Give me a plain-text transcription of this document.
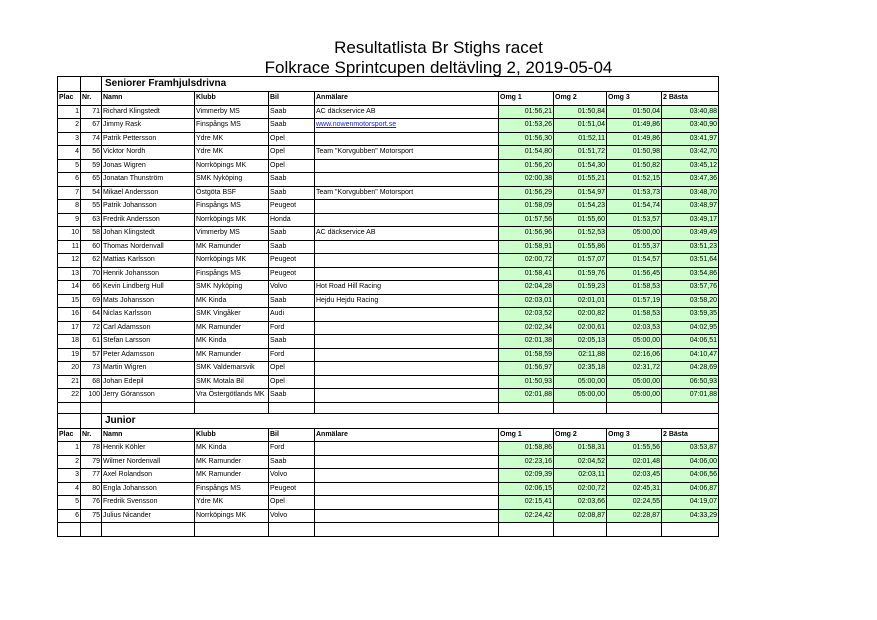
Resultatlista Br Stighs racet
Folkrace Sprintcupen deltävling 2, 2019-05-04
		Seniorer Framhjulsdrivna							
Plac	Nr.	Namn	Klubb	Bil	Anmälare	Omg 1	Omg 2	Omg 3	2 Bästa
1	71	Richard Klingstedt	Vimmerby MS	Saab	AC däckservice AB	01:56,21	01:50,84	01:50,04	03:40,88
2	67	Jimmy Rask	Finspångs MS	Saab	www.nowenmotorsport.se	01:53,26	01:51,04	01:49,86	03:40,90
3	74	Patrik Pettersson	Ydre MK	Opel		01:56,30	01:52,11	01:49,86	03:41,97
4	56	Vicktor Nordh	Ydre MK	Opel	Team "Korvgubben" Motorsport	01:54,80	01:51,72	01:50,98	03:42,70
5	59	Jonas Wigren	Norrköpings MK	Opel		01:56,20	01:54,30	01:50,82	03:45,12
6	65	Jonatan Thunström	SMK Nyköping	Saab		02:00,38	01:55,21	01:52,15	03:47,36
7	54	Mikael Andersson	Östgöta BSF	Saab	Team "Korvgubben" Motorsport	01:56,29	01:54,97	01:53,73	03:48,70
8	55	Patrik Johansson	Finspångs MS	Peugeot		01:58,09	01:54,23	01:54,74	03:48,97
9	63	Fredrik Andersson	Norrköpings MK	Honda		01:57,56	01:55,60	01:53,57	03:49,17
10	58	Johan Klingstedt	Vimmerby MS	Saab	AC däckservice AB	01:56,96	01:52,53	05:00,00	03:49,49
11	60	Thomas Nordenvall	MK Ramunder	Saab		01:58,91	01:55,86	01:55,37	03:51,23
12	62	Mattias Karlsson	Norrköpings MK	Peugeot		02:00,72	01:57,07	01:54,57	03:51,64
13	70	Henrik Johansson	Finspångs MS	Peugeot		01:58,41	01:59,76	01:56,45	03:54,86
14	66	Kevin Lindberg Hull	SMK Nyköping	Volvo	Hot Road Hill Racing	02:04,28	01:59,23	01:58,53	03:57,76
15	69	Mats Johansson	MK Kinda	Saab	Hejdu Hejdu Racing	02:03,01	02:01,01	01:57,19	03:58,20
16	64	Niclas Karlsson	SMK Vingåker	Audi		02:03,52	02:00,82	01:58,53	03:59,35
17	72	Carl Adamsson	MK Ramunder	Ford		02:02,34	02:00,61	02:03,53	04:02,95
18	61	Stefan Larsson	MK Kinda	Saab		02:01,38	02:05,13	05:00,00	04:06,51
19	57	Peter Adamsson	MK Ramunder	Ford		01:58,59	02:11,88	02:16,06	04:10,47
20	73	Martin Wigren	SMK Valdemarsvik	Opel		01:56,97	02:35,18	02:31,72	04:28,69
21	68	Johan Edepil	SMK Motala Bil	Opel		01:50,93	05:00,00	05:00,00	06:50,93
22	100	Jerry Göransson	Vra Östergötlands MK	Saab		02:01,88	05:00,00	05:00,00	07:01,88

		Junior							
Plac	Nr.	Namn	Klubb	Bil	Anmälare	Omg 1	Omg 2	Omg 3	2 Bästa
1	78	Henrik Köhler	MK Kinda	Ford		01:58,86	01:58,31	01:55,56	03:53,87
2	79	Wilmer Nordenvall	MK Ramunder	Saab		02:23,16	02:04,52	02:01,48	04:06,00
3	77	Axel Rolandson	MK Ramunder	Volvo		02:09,39	02:03,11	02:03,45	04:06,56
4	80	Engla Johansson	Finspångs MS	Peugeot		02:06,15	02:00,72	02:45,31	04:06,87
5	76	Fredrik Svensson	Ydre MK	Opel		02:15,41	02:03,66	02:24,55	04:19,07
6	75	Julius Nicander	Norrköpings MK	Volvo		02:24,42	02:08,87	02:28,87	04:33,29
